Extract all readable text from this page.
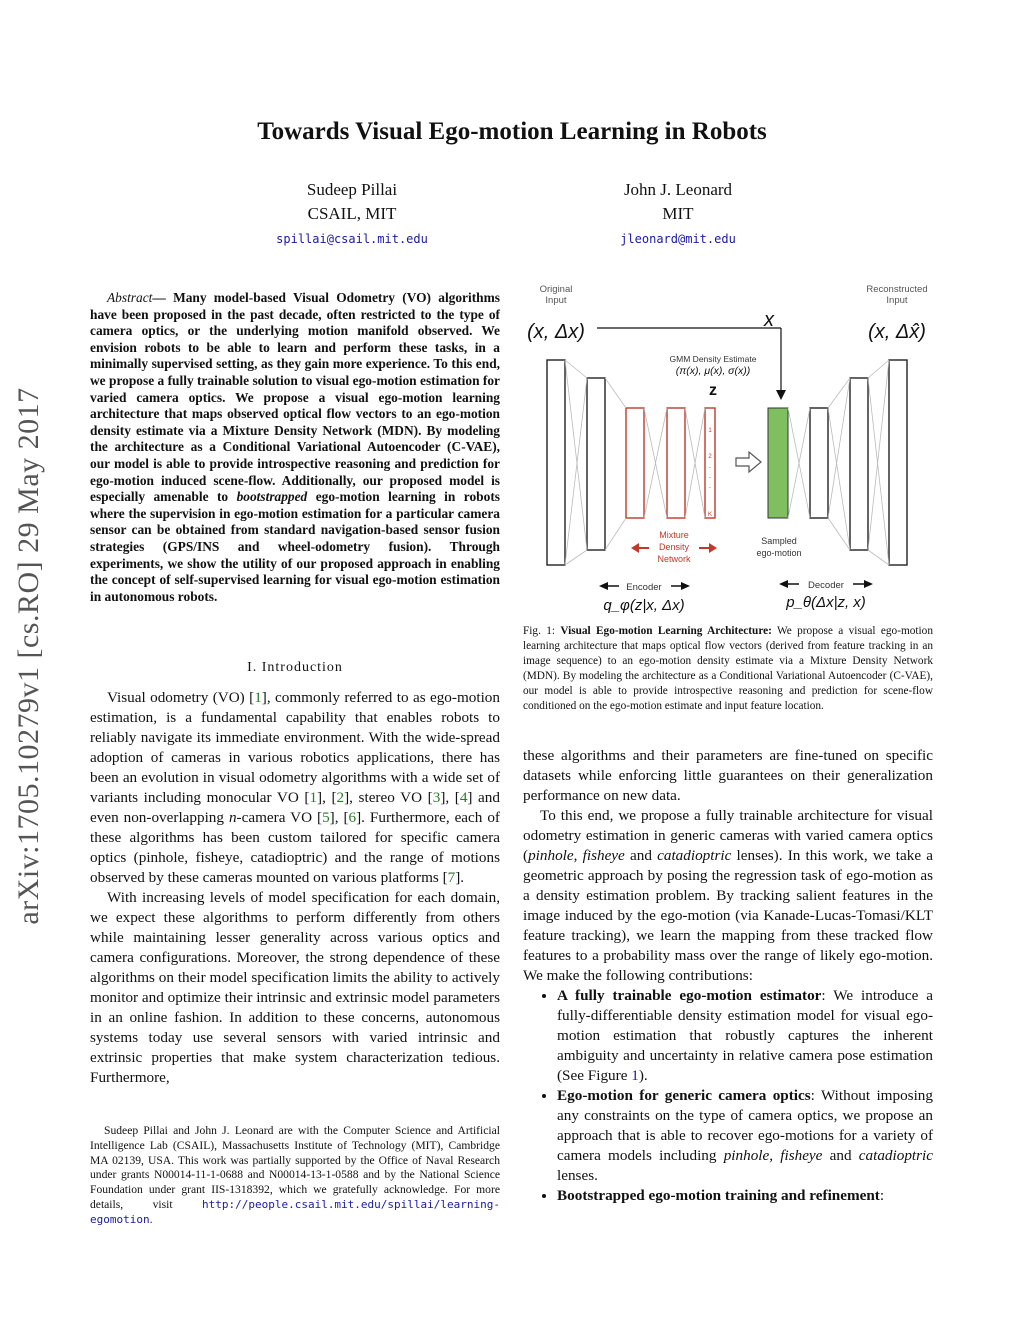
arXiv:1705.10279v1 [cs.RO] 29 May 2017
Towards Visual Ego-motion Learning in Robots
Sudeep Pillai
CSAIL, MIT
spillai@csail.mit.edu
John J. Leonard
MIT
jleonard@mit.edu
Abstract— Many model-based Visual Odometry (VO) algorithms have been proposed in the past decade, often restricted to the type of camera optics, or the underlying motion manifold observed. We envision robots to be able to learn and perform these tasks, in a minimally supervised setting, as they gain more experience. To this end, we propose a fully trainable solution to visual ego-motion estimation for varied camera optics. We propose a visual ego-motion learning architecture that maps observed optical flow vectors to an ego-motion density estimate via a Mixture Density Network (MDN). By modeling the architecture as a Conditional Variational Autoencoder (C-VAE), our model is able to provide introspective reasoning and prediction for ego-motion induced scene-flow. Additionally, our proposed model is especially amenable to bootstrapped ego-motion learning in robots where the supervision in ego-motion estimation for a particular camera sensor can be obtained from standard navigation-based sensor fusion strategies (GPS/INS and wheel-odometry fusion). Through experiments, we show the utility of our proposed approach in enabling the concept of self-supervised learning for visual ego-motion estimation in autonomous robots.

I. Introduction

Visual odometry (VO) [1], commonly referred to as ego-motion estimation, is a fundamental capability that enables robots to reliably navigate its immediate environment. With the wide-spread adoption of cameras in various robotics applications, there has been an evolution in visual odometry algorithms with a wide set of variants including monocular VO [1], [2], stereo VO [3], [4] and even non-overlapping n-camera VO [5], [6]. Furthermore, each of these algorithms has been custom tailored for specific camera optics (pinhole, fisheye, catadioptric) and the range of motions observed by these cameras mounted on various platforms [7].

With increasing levels of model specification for each domain, we expect these algorithms to perform differently from others while maintaining lesser generality across various optics and camera configurations. Moreover, the strong dependence of these algorithms on their model specification limits the ability to actively monitor and optimize their intrinsic and extrinsic model parameters in an online fashion. In addition to these concerns, autonomous systems today use several sensors with varied intrinsic and extrinsic properties that make system characterization tedious. Furthermore,

Sudeep Pillai and John J. Leonard are with the Computer Science and Artificial Intelligence Lab (CSAIL), Massachusetts Institute of Technology (MIT), Cambridge MA 02139, USA. This work was partially supported by the Office of Naval Research under grants N00014-11-1-0688 and N00014-13-1-0588 and by the National Science Foundation under grant IIS-1318392, which we gratefully acknowledge. For more details, visit http://people.csail.mit.edu/spillai/learning-egomotion.
Original
Input
Reconstructed
Input
(x, Δx)
x
(x, Δx̂)
GMM Density Estimate
(π(x), μ(x), σ(x))
z
1
2
·
·
·
K
Mixture
Density
Network
Sampled
ego-motion
Encoder
q_φ(z|x, Δx)
Decoder
p_θ(Δx|z, x)
Fig. 1: Visual Ego-motion Learning Architecture: We propose a visual ego-motion learning architecture that maps optical flow vectors (derived from feature tracking in an image sequence) to an ego-motion density estimate via a Mixture Density Network (MDN). By modeling the architecture as a Conditional Variational Autoencoder (C-VAE), our model is able to provide introspective reasoning and prediction for scene-flow conditioned on the ego-motion estimate and input feature location.

these algorithms and their parameters are fine-tuned on specific datasets while enforcing little guarantees on their generalization performance on new data.

To this end, we propose a fully trainable architecture for visual odometry estimation in generic cameras with varied camera optics (pinhole, fisheye and catadioptric lenses). In this work, we take a geometric approach by posing the regression task of ego-motion as a density estimation problem. By tracking salient features in the image induced by the ego-motion (via Kanade-Lucas-Tomasi/KLT feature tracking), we learn the mapping from these tracked flow features to a probability mass over the range of likely ego-motion. We make the following contributions:

• A fully trainable ego-motion estimator: We introduce a fully-differentiable density estimation model for visual ego-motion estimation that robustly captures the inherent ambiguity and uncertainty in relative camera pose estimation (See Figure 1).
• Ego-motion for generic camera optics: Without imposing any constraints on the type of camera optics, we propose an approach that is able to recover ego-motions for a variety of camera models including pinhole, fisheye and catadioptric lenses.
• Bootstrapped ego-motion training and refinement:
